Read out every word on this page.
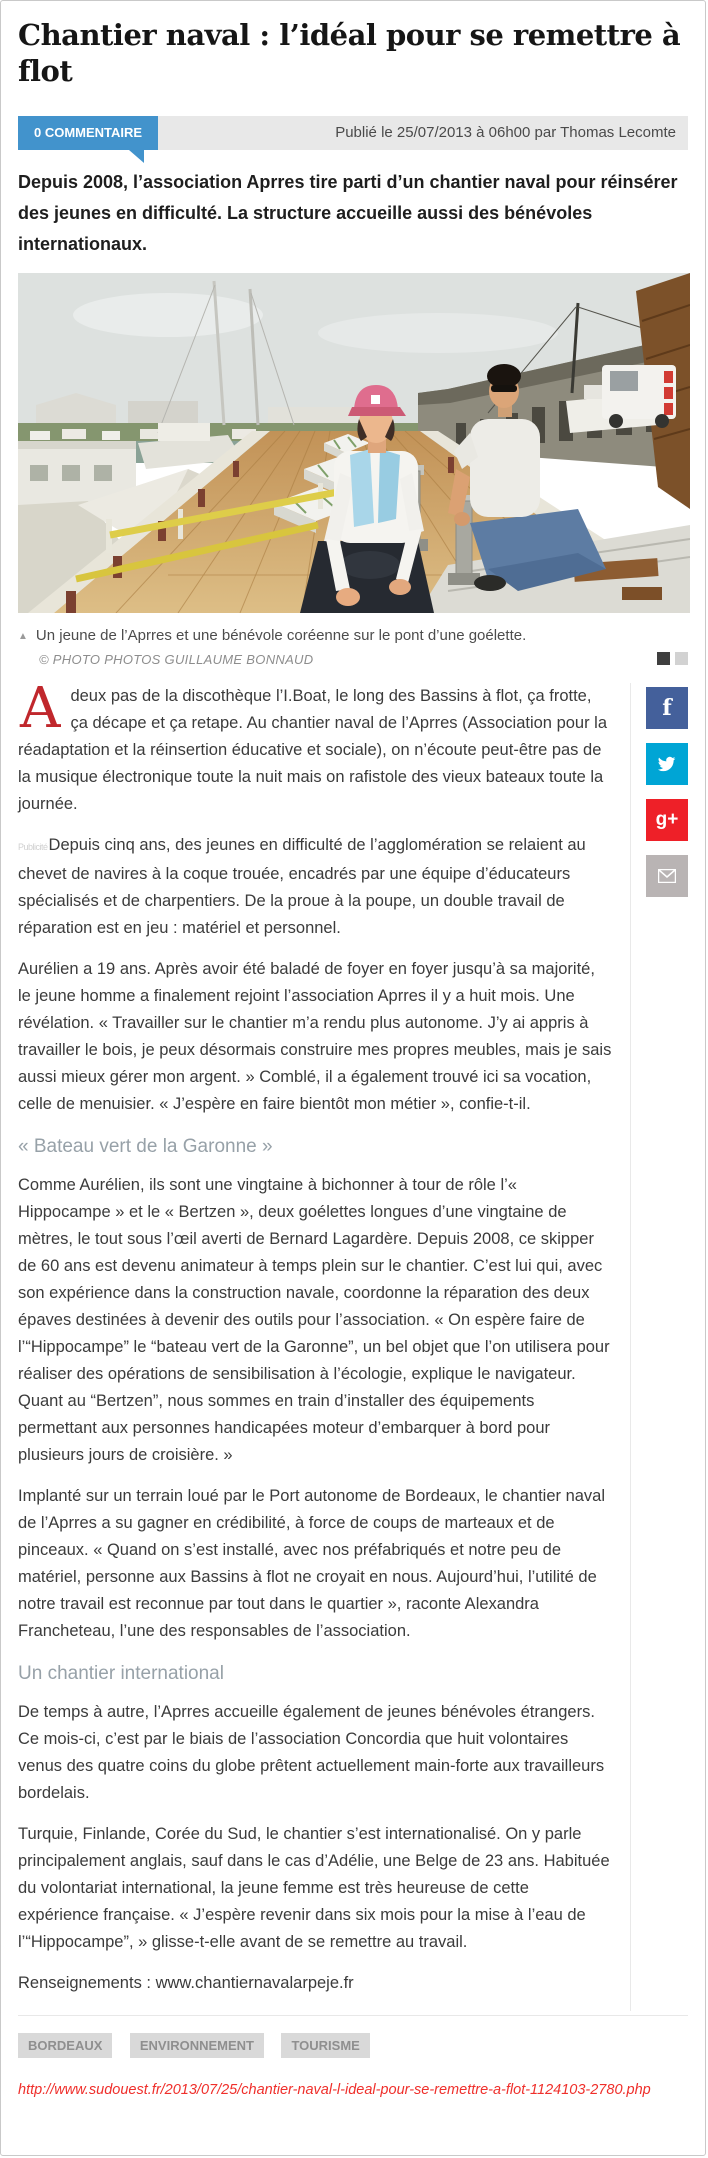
Chantier naval : l’idéal pour se remettre à flot
0 COMMENTAIRE	Publié le 25/07/2013 à 06h00 par Thomas Lecomte

Depuis 2008, l’association Aprres tire parti d’un chantier naval pour réinsérer des jeunes en difficulté. La structure accueille aussi des bénévoles internationaux.

▲ Un jeune de l’Aprres et une bénévole coréenne sur le pont d’une goélette.
© PHOTO PHOTOS GUILLAUME BONNAUD

Adeux pas de la discothèque l’I.Boat, le long des Bassins à flot, ça frotte, ça décape et ça retape. Au chantier naval de l’Aprres (Association pour la réadaptation et la réinsertion éducative et sociale), on n’écoute peut-être pas de la musique électronique toute la nuit mais on rafistole des vieux bateaux toute la journée.

PublicitéDepuis cinq ans, des jeunes en difficulté de l’agglomération se relaient au chevet de navires à la coque trouée, encadrés par une équipe d’éducateurs spécialisés et de charpentiers. De la proue à la poupe, un double travail de réparation est en jeu : matériel et personnel.

Aurélien a 19 ans. Après avoir été baladé de foyer en foyer jusqu’à sa majorité, le jeune homme a finalement rejoint l’association Aprres il y a huit mois. Une révélation. « Travailler sur le chantier m’a rendu plus autonome. J’y ai appris à travailler le bois, je peux désormais construire mes propres meubles, mais je sais aussi mieux gérer mon argent. » Comblé, il a également trouvé ici sa vocation, celle de menuisier. « J’espère en faire bientôt mon métier », confie-t-il.

« Bateau vert de la Garonne »

Comme Aurélien, ils sont une vingtaine à bichonner à tour de rôle l’« Hippocampe » et le « Bertzen », deux goélettes longues d’une vingtaine de mètres, le tout sous l’œil averti de Bernard Lagardère. Depuis 2008, ce skipper de 60 ans est devenu animateur à temps plein sur le chantier. C’est lui qui, avec son expérience dans la construction navale, coordonne la réparation des deux épaves destinées à devenir des outils pour l’association. « On espère faire de l’“Hippocampe” le “bateau vert de la Garonne”, un bel objet que l’on utilisera pour réaliser des opérations de sensibilisation à l’écologie, explique le navigateur. Quant au “Bertzen”, nous sommes en train d’installer des équipements permettant aux personnes handicapées moteur d’embarquer à bord pour plusieurs jours de croisière. »

Implanté sur un terrain loué par le Port autonome de Bordeaux, le chantier naval de l’Aprres a su gagner en crédibilité, à force de coups de marteaux et de pinceaux. « Quand on s’est installé, avec nos préfabriqués et notre peu de matériel, personne aux Bassins à flot ne croyait en nous. Aujourd’hui, l’utilité de notre travail est reconnue par tout dans le quartier », raconte Alexandra Francheteau, l’une des responsables de l’association.

Un chantier international

De temps à autre, l’Aprres accueille également de jeunes bénévoles étrangers. Ce mois-ci, c’est par le biais de l’association Concordia que huit volontaires venus des quatre coins du globe prêtent actuellement main-forte aux travailleurs bordelais.

Turquie, Finlande, Corée du Sud, le chantier s’est internationalisé. On y parle principalement anglais, sauf dans le cas d’Adélie, une Belge de 23 ans. Habituée du volontariat international, la jeune femme est très heureuse de cette expérience française. « J’espère revenir dans six mois pour la mise à l’eau de l’“Hippocampe”, » glisse-t-elle avant de se remettre au travail.

Renseignements : www.chantiernavalarpeje.fr

f
g+
BORDEAUX	ENVIRONNEMENT	TOURISME
http://www.sudouest.fr/2013/07/25/chantier-naval-l-ideal-pour-se-remettre-a-flot-1124103-2780.php
